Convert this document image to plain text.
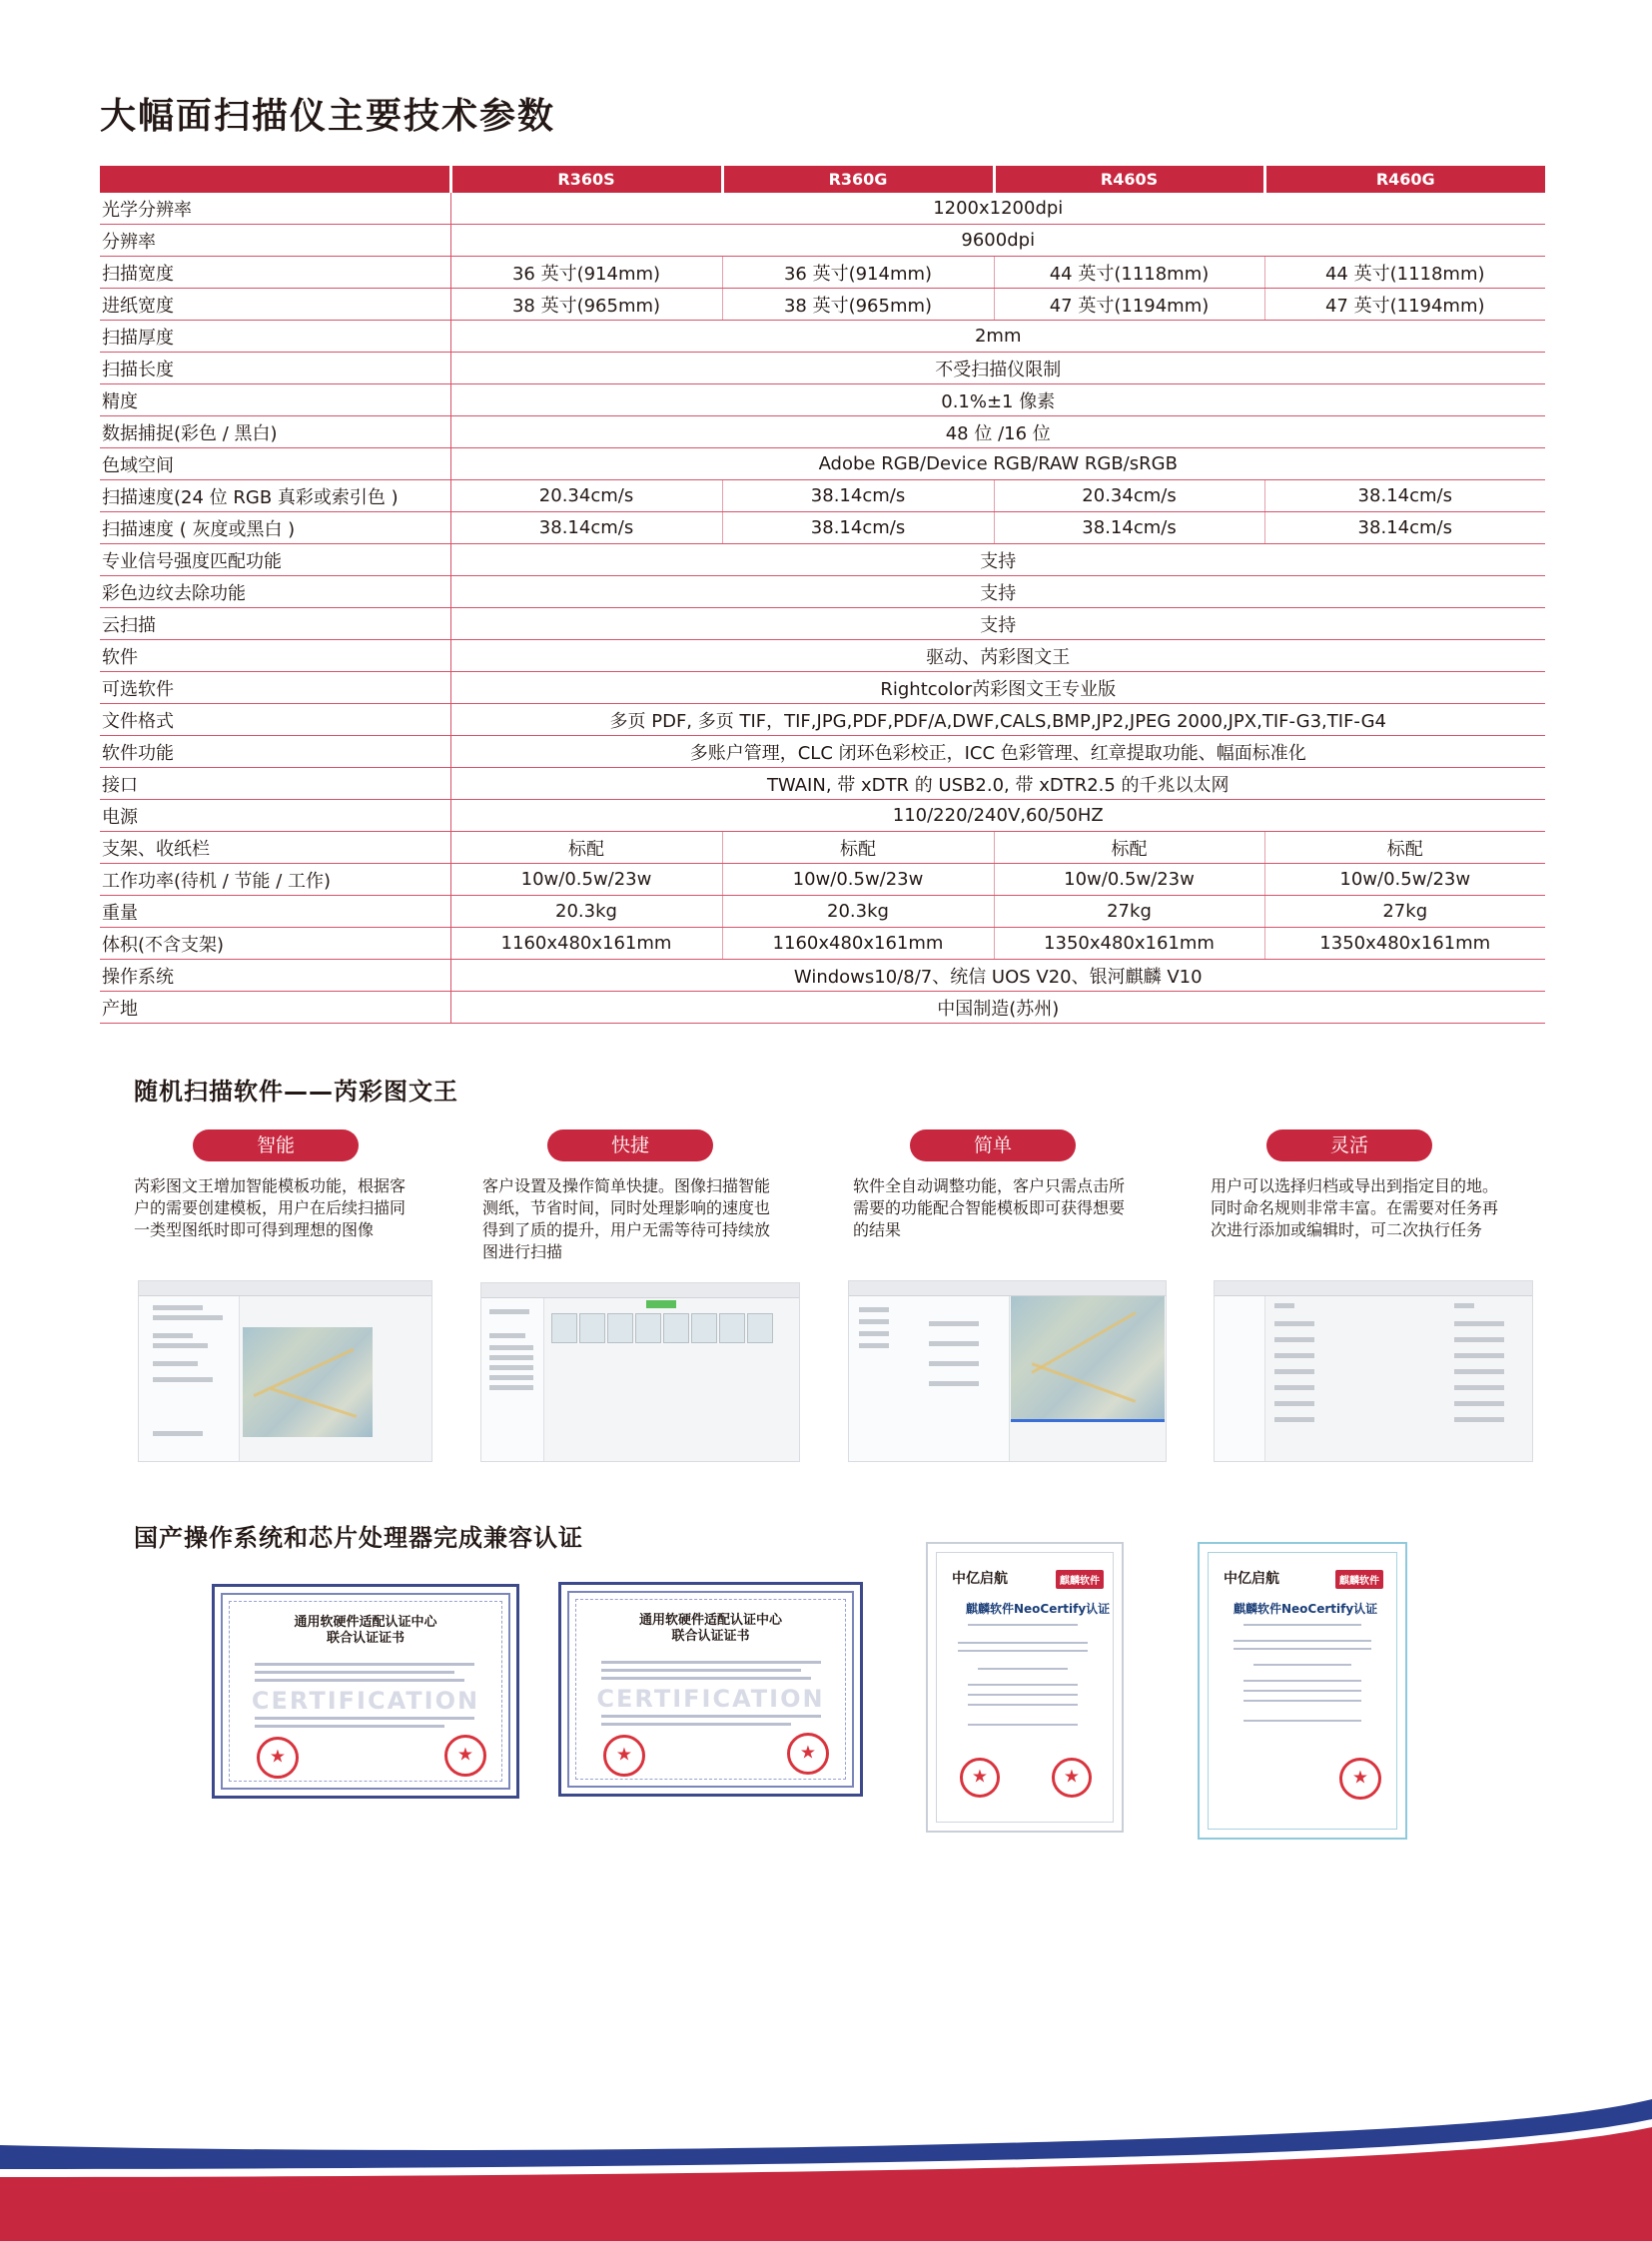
大幅面扫描仪主要技术参数
	R360S	R360G	R460S	R460G
光学分辨率	1200x1200dpi			
分辨率	9600dpi			
扫描宽度	36 英寸(914mm)	36 英寸(914mm)	44 英寸(1118mm)	44 英寸(1118mm)
进纸宽度	38 英寸(965mm)	38 英寸(965mm)	47 英寸(1194mm)	47 英寸(1194mm)
扫描厚度	2mm			
扫描长度	不受扫描仪限制			
精度	0.1%±1 像素			
数据捕捉(彩色 / 黑白)	48 位 /16 位			
色域空间	Adobe RGB/Device RGB/RAW RGB/sRGB			
扫描速度(24 位 RGB 真彩或索引色 )	20.34cm/s	38.14cm/s	20.34cm/s	38.14cm/s
扫描速度 ( 灰度或黑白 )	38.14cm/s	38.14cm/s	38.14cm/s	38.14cm/s
专业信号强度匹配功能	支持			
彩色边纹去除功能	支持			
云扫描	支持			
软件	驱动、芮彩图文王			
可选软件	Rightcolor芮彩图文王专业版			
文件格式	多页 PDF, 多页 TIF，TIF,JPG,PDF,PDF/A,DWF,CALS,BMP,JP2,JPEG 2000,JPX,TIF-G3,TIF-G4			
软件功能	多账户管理，CLC 闭环色彩校正，ICC 色彩管理、红章提取功能、幅面标准化			
接口	TWAIN, 带 xDTR 的 USB2.0, 带 xDTR2.5 的千兆以太网			
电源	110/220/240V,60/50HZ			
支架、收纸栏	标配	标配	标配	标配
工作功率(待机 / 节能 / 工作)	10w/0.5w/23w	10w/0.5w/23w	10w/0.5w/23w	10w/0.5w/23w
重量	20.3kg	20.3kg	27kg	27kg
体积(不含支架)	1160x480x161mm	1160x480x161mm	1350x480x161mm	1350x480x161mm
操作系统	Windows10/8/7、统信 UOS V20、银河麒麟 V10			
产地	中国制造(苏州)			
随机扫描软件——芮彩图文王
智能
芮彩图文王增加智能模板功能，根据客
户的需要创建模板，用户在后续扫描同
一类型图纸时即可得到理想的图像
快捷
客户设置及操作简单快捷。图像扫描智能
测纸，节省时间，同时处理影响的速度也
得到了质的提升，用户无需等待可持续放
图进行扫描
简单
软件全自动调整功能，客户只需点击所
需要的功能配合智能模板即可获得想要
的结果
灵活
用户可以选择归档或导出到指定目的地。
同时命名规则非常丰富。在需要对任务再
次进行添加或编辑时，可二次执行任务
国产操作系统和芯片处理器完成兼容认证
通用软硬件适配认证中心
联合认证证书
CERTIFICATION
★
★
通用软硬件适配认证中心
联合认证证书
CERTIFICATION
★
★
中亿启航	麒麟软件
麒麟软件NeoCertify认证
★
★
中亿启航	麒麟软件
麒麟软件NeoCertify认证
★
